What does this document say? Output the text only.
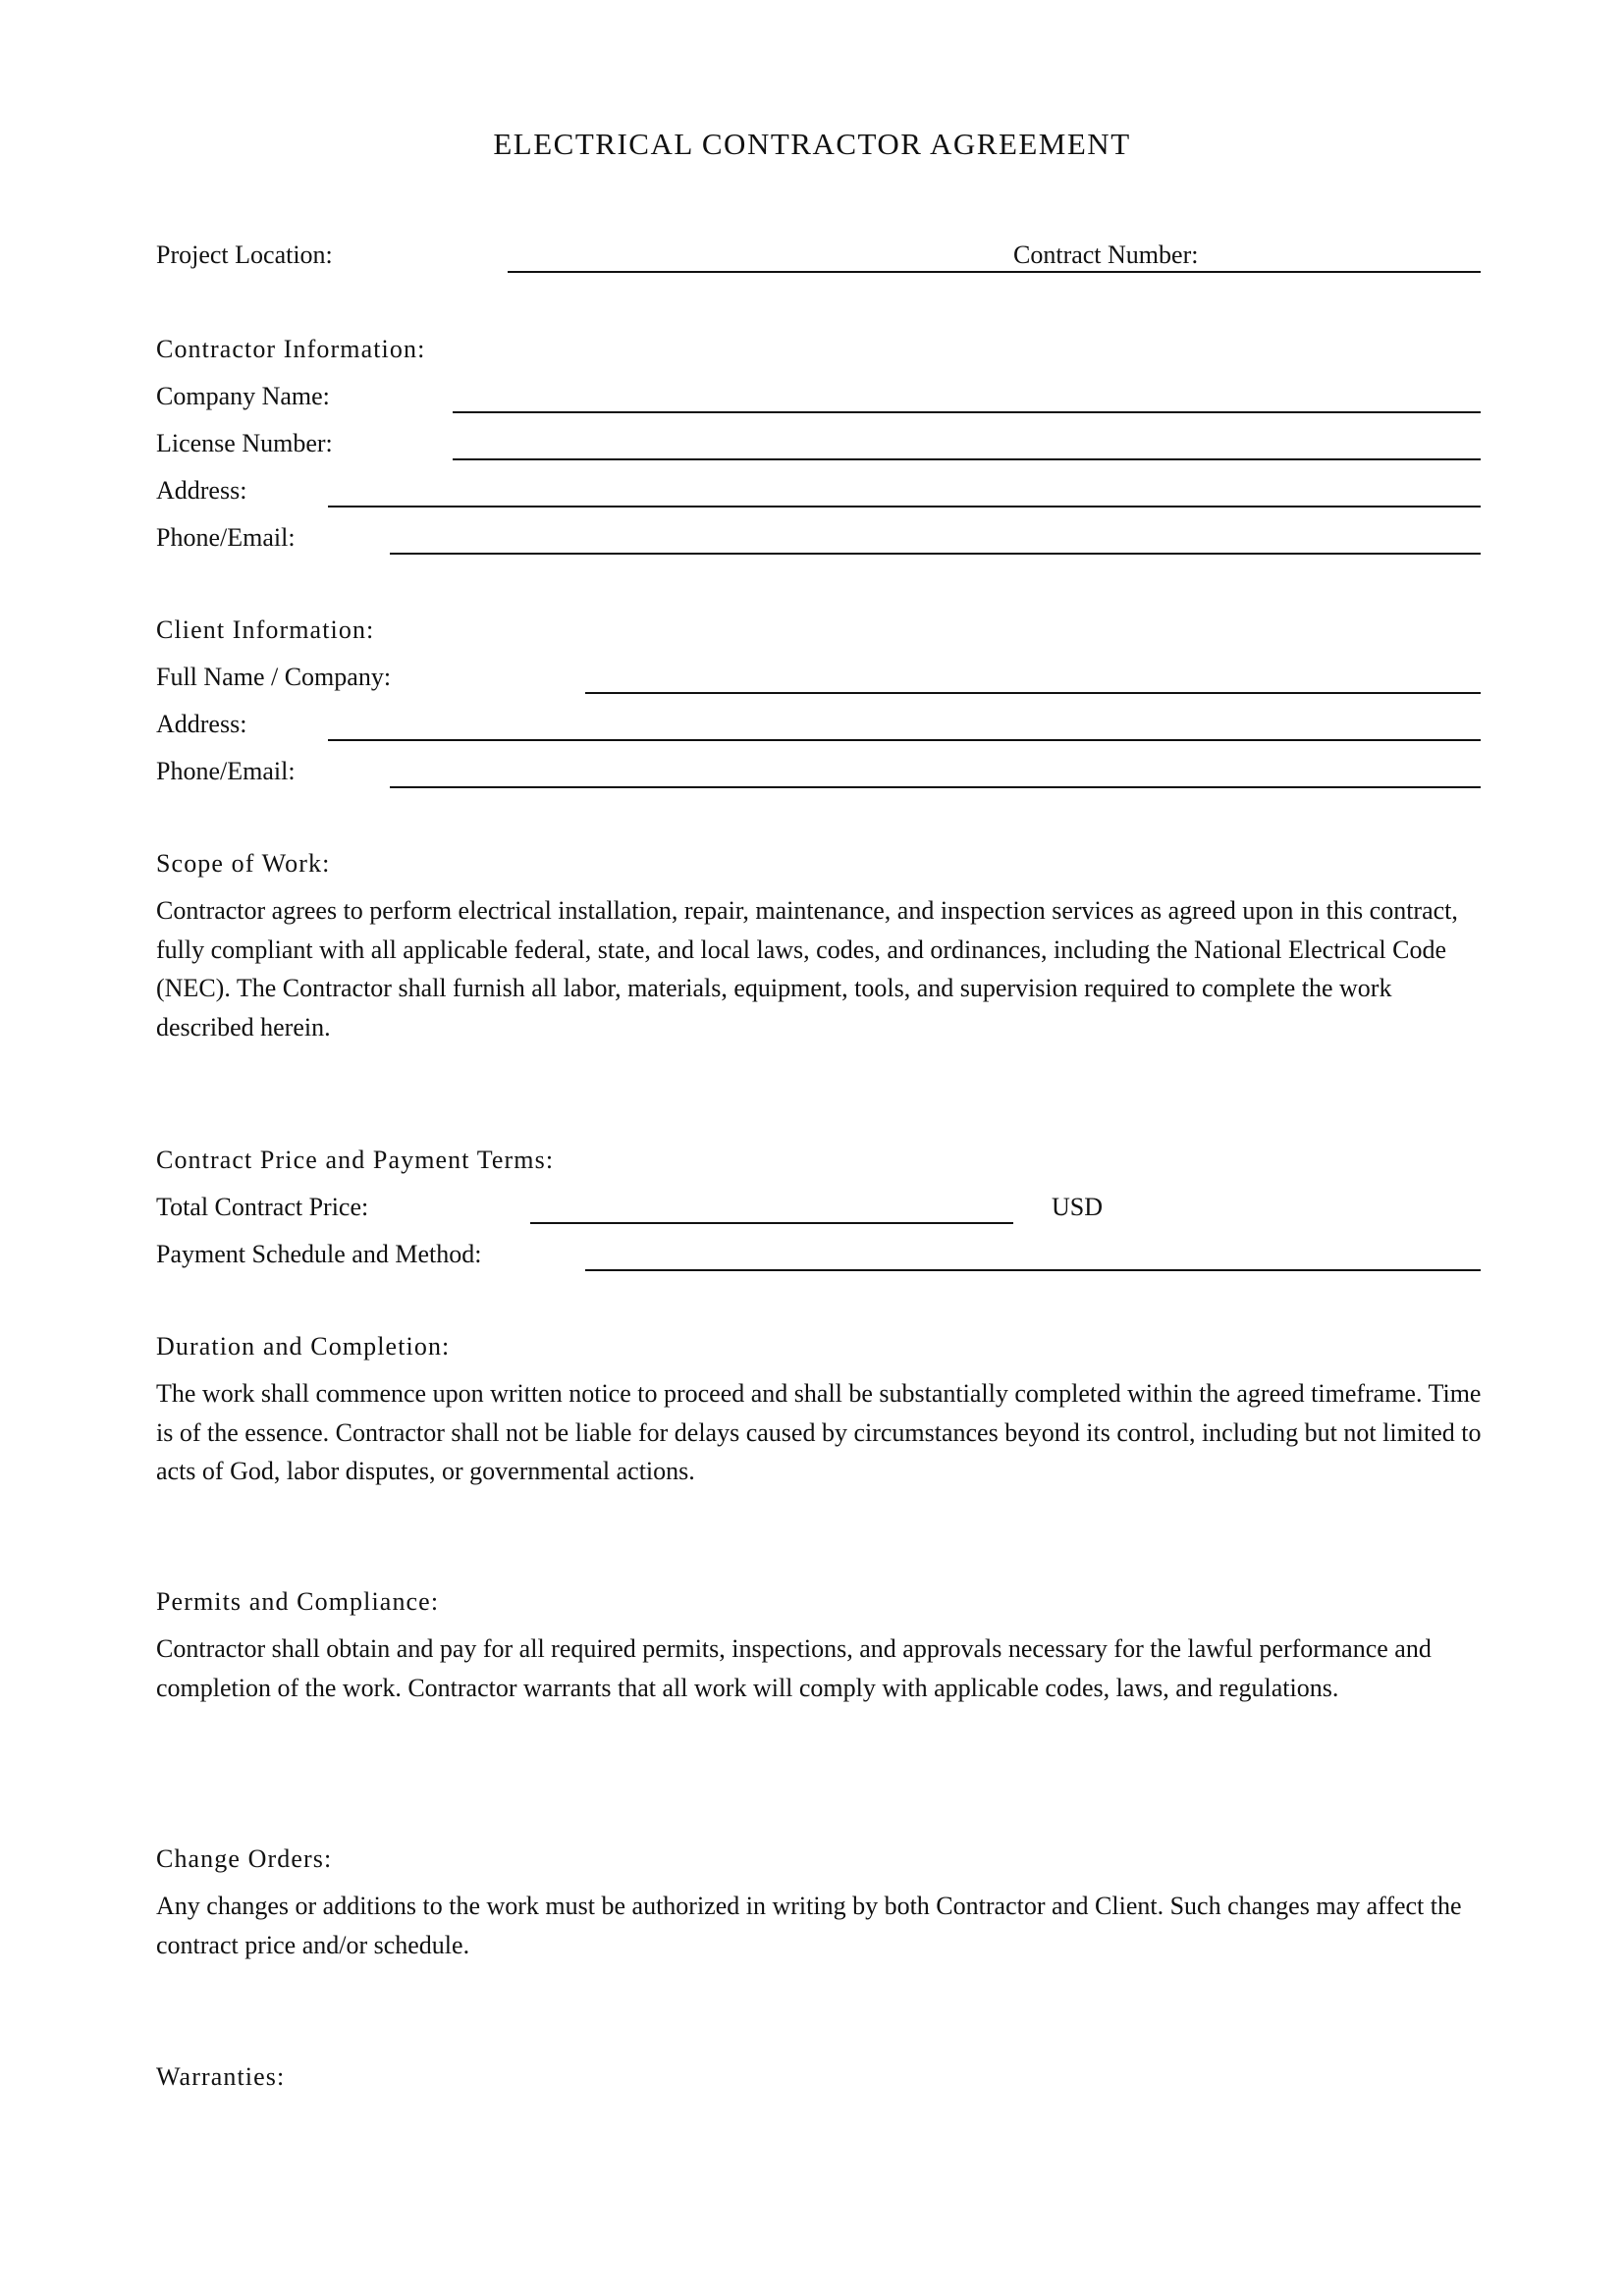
ELECTRICAL CONTRACTOR AGREEMENT
Project Location:	Contract Number:
Contractor Information:
Company Name:
License Number:
Address:
Phone/Email:
Client Information:
Full Name / Company:
Address:
Phone/Email:
Scope of Work:
Contractor agrees to perform electrical installation, repair, maintenance, and inspection services as agreed upon in this contract, fully compliant with all applicable federal, state, and local laws, codes, and ordinances, including the National Electrical Code (NEC). The Contractor shall furnish all labor, materials, equipment, tools, and supervision required to complete the work described herein.
Contract Price and Payment Terms:
Total Contract Price:	USD
Payment Schedule and Method:
Duration and Completion:
The work shall commence upon written notice to proceed and shall be substantially completed within the agreed timeframe. Time is of the essence. Contractor shall not be liable for delays caused by circumstances beyond its control, including but not limited to acts of God, labor disputes, or governmental actions.
Permits and Compliance:
Contractor shall obtain and pay for all required permits, inspections, and approvals necessary for the lawful performance and completion of the work. Contractor warrants that all work will comply with applicable codes, laws, and regulations.
Change Orders:
Any changes or additions to the work must be authorized in writing by both Contractor and Client. Such changes may affect the contract price and/or schedule.
Warranties:
